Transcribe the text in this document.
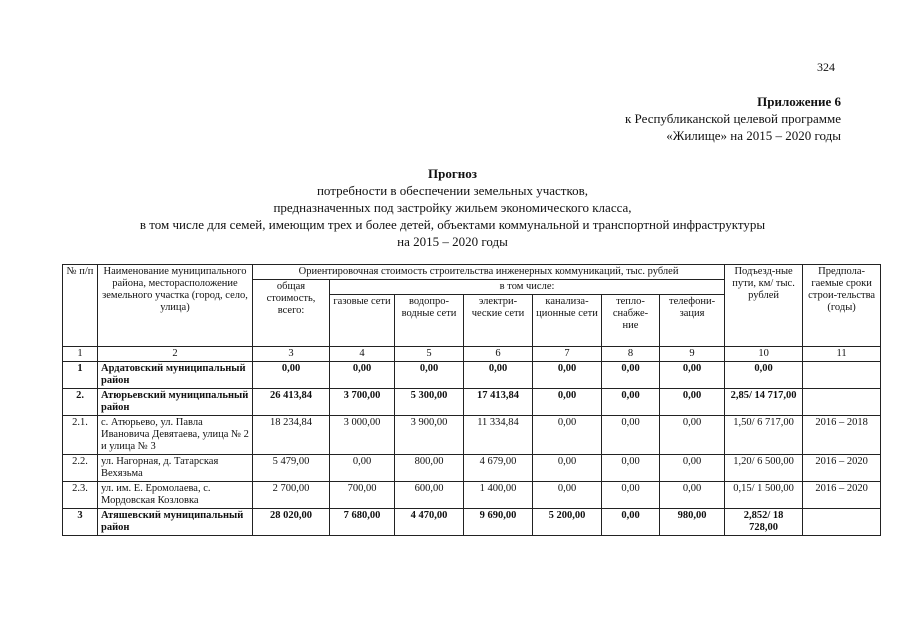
324
Приложение 6
к Республиканской целевой программе
«Жилище» на 2015 – 2020 годы
Прогноз
потребности в обеспечении земельных участков,
предназначенных под застройку жильем экономического класса,
в том числе для семей, имеющим трех и более детей, объектами коммунальной и транспортной инфраструктуры
на 2015 – 2020 годы
№ п/п	Наименование муниципального района, месторасположение земельного участка (город, село, улица)	Ориентировочная стоимость строительства инженерных коммуникаций, тыс. рублей							Подъезд-ные пути, км/ тыс. рублей	Предпола-гаемые сроки строи-тельства (годы)
		общая стоимость, всего:	в том числе:							
			газовые сети	водопро-водные сети	электри-ческие сети	канализа-ционные сети	тепло-снабже-ние	телефони-зация		
1	2	3	4	5	6	7	8	9	10	11
1	Ардатовский муниципальный район	0,00	0,00	0,00	0,00	0,00	0,00	0,00	0,00	
2.	Атюрьевский муниципальный район	26 413,84	3 700,00	5 300,00	17 413,84	0,00	0,00	0,00	2,85/ 14 717,00	
2.1.	с. Атюрьево, ул. Павла Ивановича Девятаева, улица № 2 и улица № 3	18 234,84	3 000,00	3 900,00	11 334,84	0,00	0,00	0,00	1,50/ 6 717,00	2016 – 2018
2.2.	ул. Нагорная, д. Татарская Вехязьма	5 479,00	0,00	800,00	4 679,00	0,00	0,00	0,00	1,20/ 6 500,00	2016 – 2020
2.3.	ул. им. Е. Еромолаева, с. Мордовская Козловка	2 700,00	700,00	600,00	1 400,00	0,00	0,00	0,00	0,15/ 1 500,00	2016 – 2020
3	Атяшевский муниципальный район	28 020,00	7 680,00	4 470,00	9 690,00	5 200,00	0,00	980,00	2,852/ 18 728,00	
